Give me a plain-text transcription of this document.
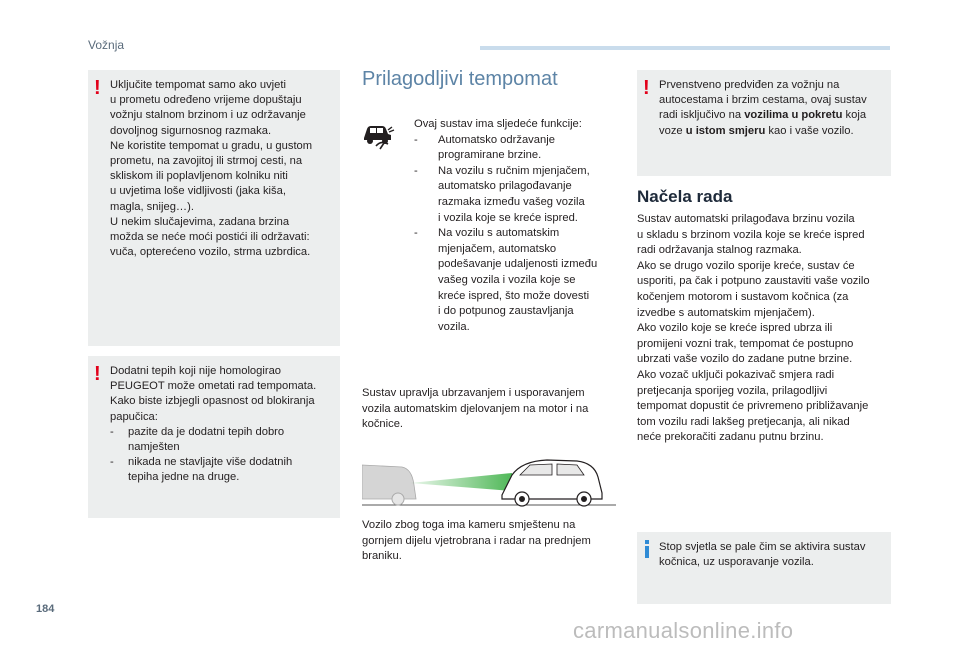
Vožnja
! Uključite tempomat samo ako uvjeti

u prometu određeno vrijeme dopuštaju

vožnju stalnom brzinom i uz održavanje

dovoljnog sigurnosnog razmaka.

Ne koristite tempomat u gradu, u gustom

prometu, na zavojitoj ili strmoj cesti, na

skliskom ili poplavljenom kolniku niti

u uvjetima loše vidljivosti (jaka kiša,

magla, snijeg…).

U nekim slučajevima, zadana brzina

možda se neće moći postići ili održavati:

vuča, opterećeno vozilo, strma uzbrdica.

! Dodatni tepih koji nije homologirao

PEUGEOT može ometati rad tempomata.

Kako biste izbjegli opasnost od blokiranja

papučica:

-	pazite da je dodatni tepih dobro
namješten
-	nikada ne stavljajte više dodatnih
tepiha jedne na druge.
Prilagodljivi tempomat

Ovaj sustav ima sljedeće funkcije:

-	Automatsko održavanje
programirane brzine.
-	Na vozilu s ručnim mjenjačem,
automatsko prilagođavanje
razmaka između vašeg vozila
i vozila koje se kreće ispred.
-	Na vozilu s automatskim
mjenjačem, automatsko
podešavanje udaljenosti između
vašeg vozila i vozila koje se
kreće ispred, što može dovesti
i do potpunog zaustavljanja
vozila.

Sustav upravlja ubrzavanjem i usporavanjem

vozila automatskim djelovanjem na motor i na

kočnice.

Vozilo zbog toga ima kameru smještenu na

gornjem dijelu vjetrobrana i radar na prednjem

braniku.

! Prvenstveno predviđen za vožnju na

autocestama i brzim cestama, ovaj sustav

radi isključivo na vozilima u pokretu koja

voze u istom smjeru kao i vaše vozilo.

Načela rada

Sustav automatski prilagođava brzinu vozila

u skladu s brzinom vozila koje se kreće ispred

radi održavanja stalnog razmaka.

Ako se drugo vozilo sporije kreće, sustav će

usporiti, pa čak i potpuno zaustaviti vaše vozilo

kočenjem motorom i sustavom kočnica (za

izvedbe s automatskim mjenjačem).

Ako vozilo koje se kreće ispred ubrza ili

promijeni vozni trak, tempomat će postupno

ubrzati vaše vozilo do zadane putne brzine.

Ako vozač uključi pokazivač smjera radi

pretjecanja sporijeg vozila, prilagodljivi

tempomat dopustit će privremeno približavanje

tom vozilu radi lakšeg pretjecanja, ali nikad

neće prekoračiti zadanu putnu brzinu.

Stop svjetla se pale čim se aktivira sustav

kočnica, uz usporavanje vozila.

184
carmanualsonline.info
